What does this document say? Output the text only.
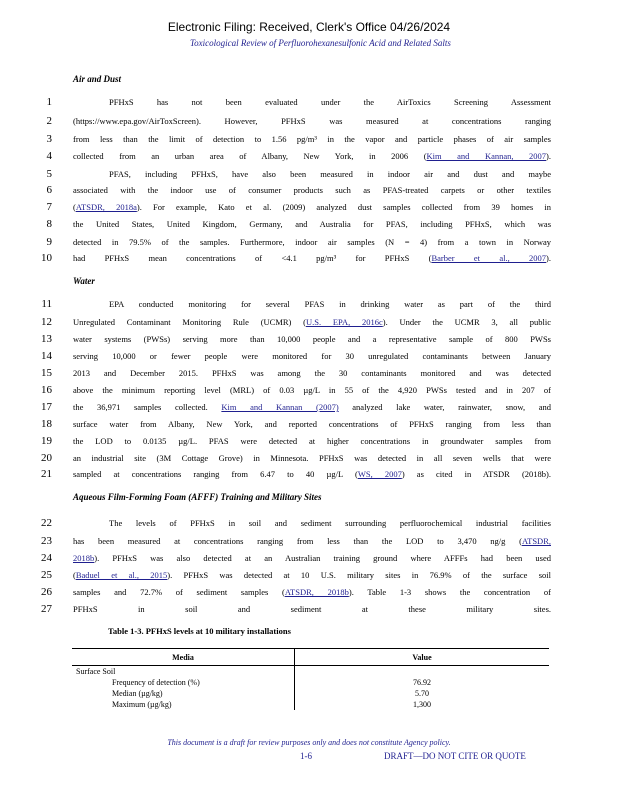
Electronic Filing: Received, Clerk's Office 04/26/2024
Toxicological Review of Perfluorohexanesulfonic Acid and Related Salts
Air and Dust
Water
Aqueous Film-Forming Foam (AFFF) Training and Military Sites
1	PFHxS has not been evaluated under the AirToxics Screening Assessment
2 (https://www.epa.gov/AirToxScreen). However, PFHxS was measured at concentrations ranging
3 from less than the limit of detection to 1.56 pg/m³ in the vapor and particle phases of air samples
4 collected from an urban area of Albany, New York, in 2006 (Kim and Kannan, 2007).
5	PFAS, including PFHxS, have also been measured in indoor air and dust and maybe
6 associated with the indoor use of consumer products such as PFAS-treated carpets or other textiles
7 (ATSDR, 2018a). For example, Kato et al. (2009) analyzed dust samples collected from 39 homes in
8 the United States, United Kingdom, Germany, and Australia for PFAS, including PFHxS, which was
9 detected in 79.5% of the samples. Furthermore, indoor air samples (N = 4) from a town in Norway
10 had PFHxS mean concentrations of <4.1 pg/m³ for PFHxS (Barber et al., 2007).
11	EPA conducted monitoring for several PFAS in drinking water as part of the third
12 Unregulated Contaminant Monitoring Rule (UCMR) (U.S. EPA, 2016c). Under the UCMR 3, all public
13 water systems (PWSs) serving more than 10,000 people and a representative sample of 800 PWSs
14 serving 10,000 or fewer people were monitored for 30 unregulated contaminants between January
15 2013 and December 2015. PFHxS was among the 30 contaminants monitored and was detected
16 above the minimum reporting level (MRL) of 0.03 µg/L in 55 of the 4,920 PWSs tested and in 207 of
17 the 36,971 samples collected. Kim and Kannan (2007) analyzed lake water, rainwater, snow, and
18 surface water from Albany, New York, and reported concentrations of PFHxS ranging from less than
19 the LOD to 0.0135 µg/L. PFAS were detected at higher concentrations in groundwater samples from
20 an industrial site (3M Cottage Grove) in Minnesota. PFHxS was detected in all seven wells that were
21 sampled at concentrations ranging from 6.47 to 40 µg/L (WS, 2007) as cited in ATSDR (2018b).
22	The levels of PFHxS in soil and sediment surrounding perfluorochemical industrial facilities
23 has been measured at concentrations ranging from less than the LOD to 3,470 ng/g (ATSDR,
24 2018b). PFHxS was also detected at an Australian training ground where AFFFs had been used
25 (Baduel et al., 2015). PFHxS was detected at 10 U.S. military sites in 76.9% of the surface soil
26 samples and 72.7% of sediment samples (ATSDR, 2018b). Table 1-3 shows the concentration of
27 PFHxS in soil and sediment at these military sites.
Table 1-3. PFHxS levels at 10 military installations
Media	Value
Surface Soil	
Frequency of detection (%)	76.92
Median (µg/kg)	5.70
Maximum (µg/kg)	1,300
This document is a draft for review purposes only and does not constitute Agency policy.
1-6	DRAFT—DO NOT CITE OR QUOTE
